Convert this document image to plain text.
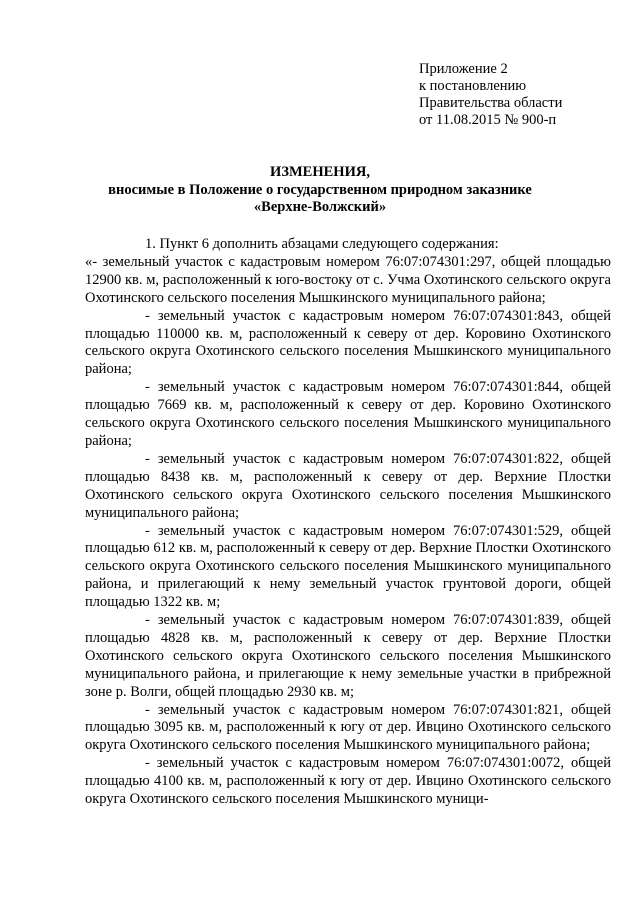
Приложение 2
к постановлению
Правительства области
от 11.08.2015 № 900-п
ИЗМЕНЕНИЯ,
вносимые в Положение о государственном природном заказнике
«Верхне-Волжский»

1. Пункт 6 дополнить абзацами следующего содержания:

«- земельный участок с кадастровым номером 76:07:074301:297, общей площадью 12900 кв. м, расположенный к юго-востоку от с. Учма Охотинского сельского округа Охотинского сельского поселения Мышкинского муниципального района;

- земельный участок с кадастровым номером 76:07:074301:843, общей площадью 110000 кв. м, расположенный к северу от дер. Коровино Охотинского сельского округа Охотинского сельского поселения Мышкинского муниципального района;

- земельный участок с кадастровым номером 76:07:074301:844, общей площадью 7669 кв. м, расположенный к северу от дер. Коровино Охотинского сельского округа Охотинского сельского поселения Мышкинского муниципального района;

- земельный участок с кадастровым номером 76:07:074301:822, общей площадью 8438 кв. м, расположенный к северу от дер. Верхние Плостки Охотинского сельского округа Охотинского сельского поселения Мышкинского муниципального района;

- земельный участок с кадастровым номером 76:07:074301:529, общей площадью 612 кв. м, расположенный к северу от дер. Верхние Плостки Охотинского сельского округа Охотинского сельского поселения Мышкинского муниципального района, и прилегающий к нему земельный участок грунтовой дороги, общей площадью 1322 кв. м;

- земельный участок с кадастровым номером 76:07:074301:839, общей площадью 4828 кв. м, расположенный к северу от дер. Верхние Плостки Охотинского сельского округа Охотинского сельского поселения Мышкинского муниципального района, и прилегающие к нему земельные участки в прибрежной зоне р. Волги, общей площадью 2930 кв. м;

- земельный участок с кадастровым номером 76:07:074301:821, общей площадью 3095 кв. м, расположенный к югу от дер. Ивцино Охотинского сельского округа Охотинского сельского поселения Мышкинского муниципального района;

- земельный участок с кадастровым номером 76:07:074301:0072, общей площадью 4100 кв. м, расположенный к югу от дер. Ивцино Охотинского сельского округа Охотинского сельского поселения Мышкинского муници-
